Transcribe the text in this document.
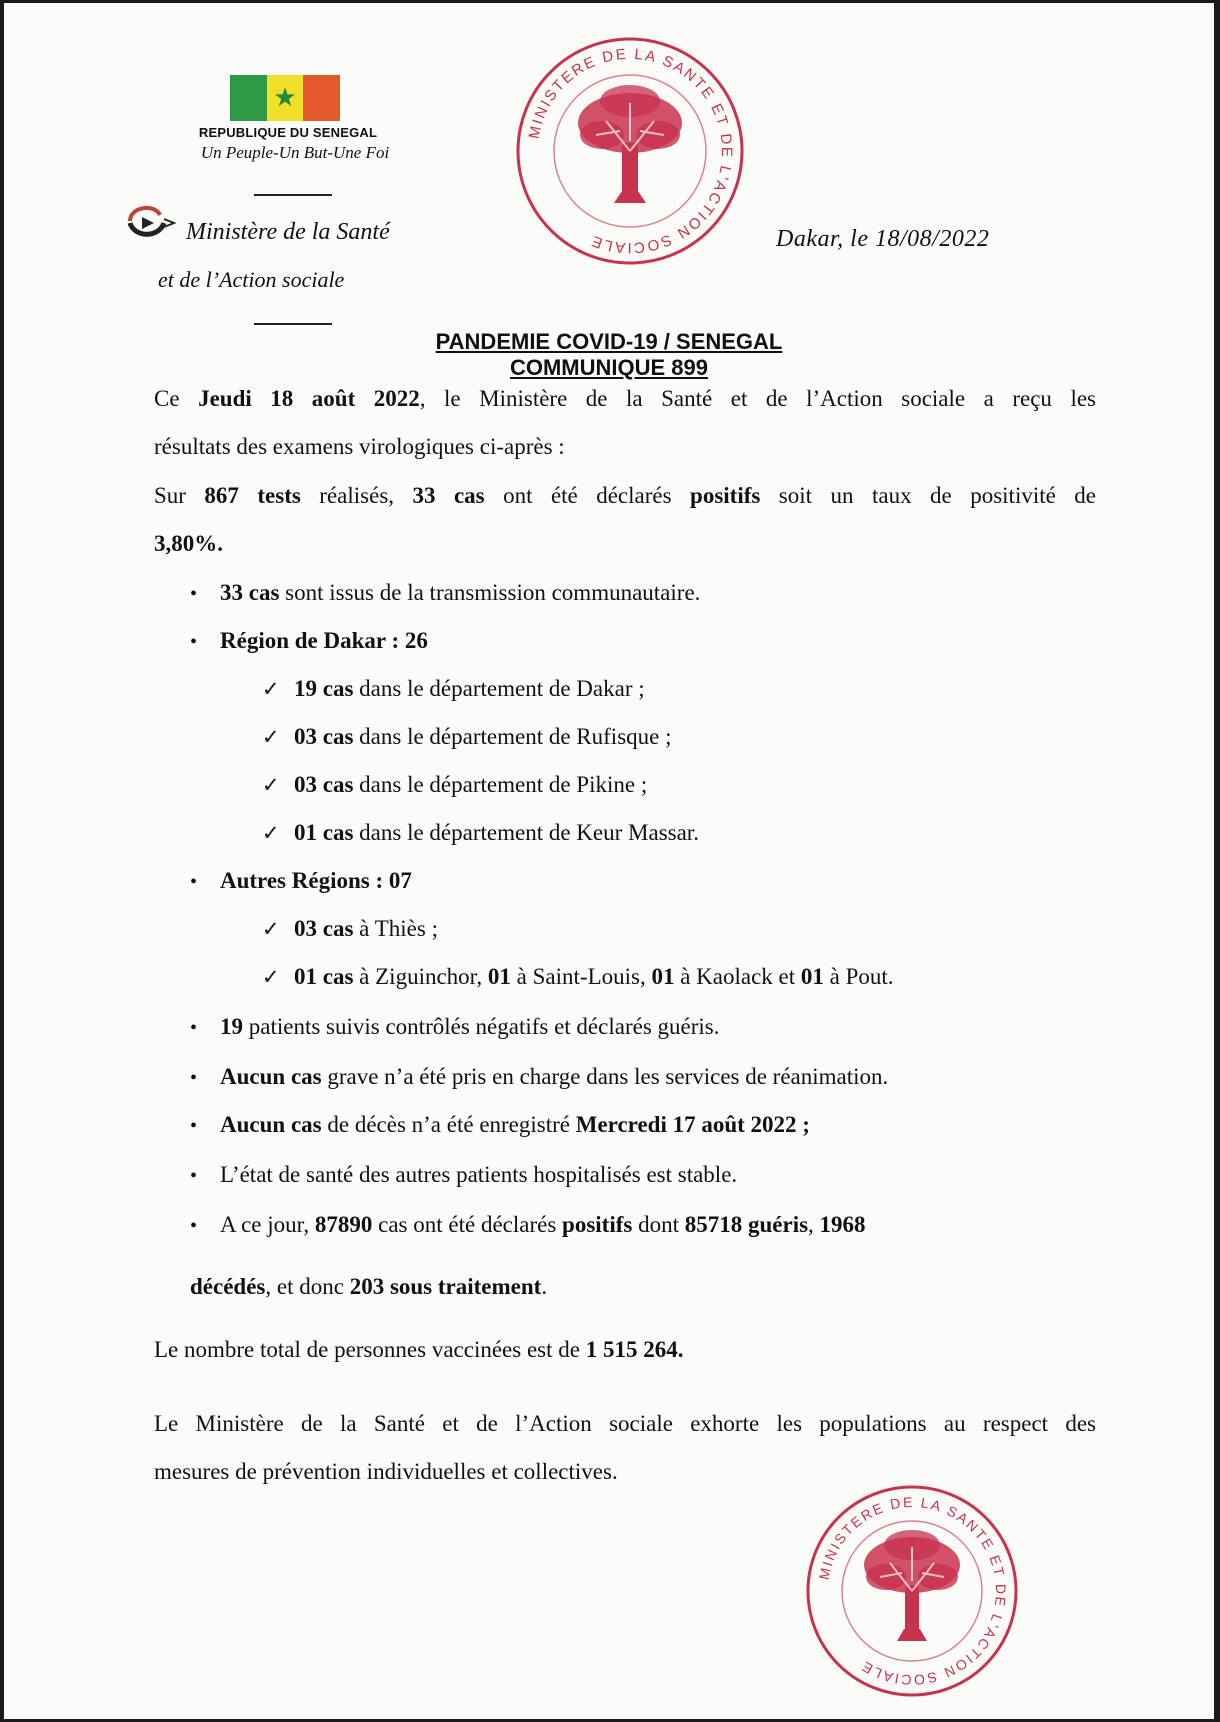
★
REPUBLIQUE DU SENEGAL
Un Peuple-Un But-Une Foi
Ministère de la Santé
et de l’Action sociale
Dakar, le 18/08/2022
MINISTERE DE LA SANTE ET DE L'ACTION SOCIALE
PANDEMIE COVID-19 / SENEGAL
COMMUNIQUE 899
Ce Jeudi 18 août 2022, le Ministère de la Santé et de l’Action sociale a reçu les
résultats des examens virologiques ci-après :
Sur 867 tests réalisés, 33 cas ont été déclarés positifs soit un taux de positivité de
3,80%.
• 33 cas sont issus de la transmission communautaire.
• Région de Dakar : 26
✓ 19 cas dans le département de Dakar ;
✓ 03 cas dans le département de Rufisque ;
✓ 03 cas dans le département de Pikine ;
✓ 01 cas dans le département de Keur Massar.
• Autres Régions : 07
✓ 03 cas à Thiès ;
✓ 01 cas à Ziguinchor, 01 à Saint-Louis, 01 à Kaolack et 01 à Pout.
• 19 patients suivis contrôlés négatifs et déclarés guéris.
• Aucun cas grave n’a été pris en charge dans les services de réanimation.
• Aucun cas de décès n’a été enregistré Mercredi 17 août 2022 ;
• L’état de santé des autres patients hospitalisés est stable.
• A ce jour, 87890 cas ont été déclarés positifs dont 85718 guéris, 1968
décédés, et donc 203 sous traitement.
Le nombre total de personnes vaccinées est de 1 515 264.
Le Ministère de la Santé et de l’Action sociale exhorte les populations au respect des
mesures de prévention individuelles et collectives.
MINISTERE DE LA SANTE ET DE L'ACTION SOCIALE
